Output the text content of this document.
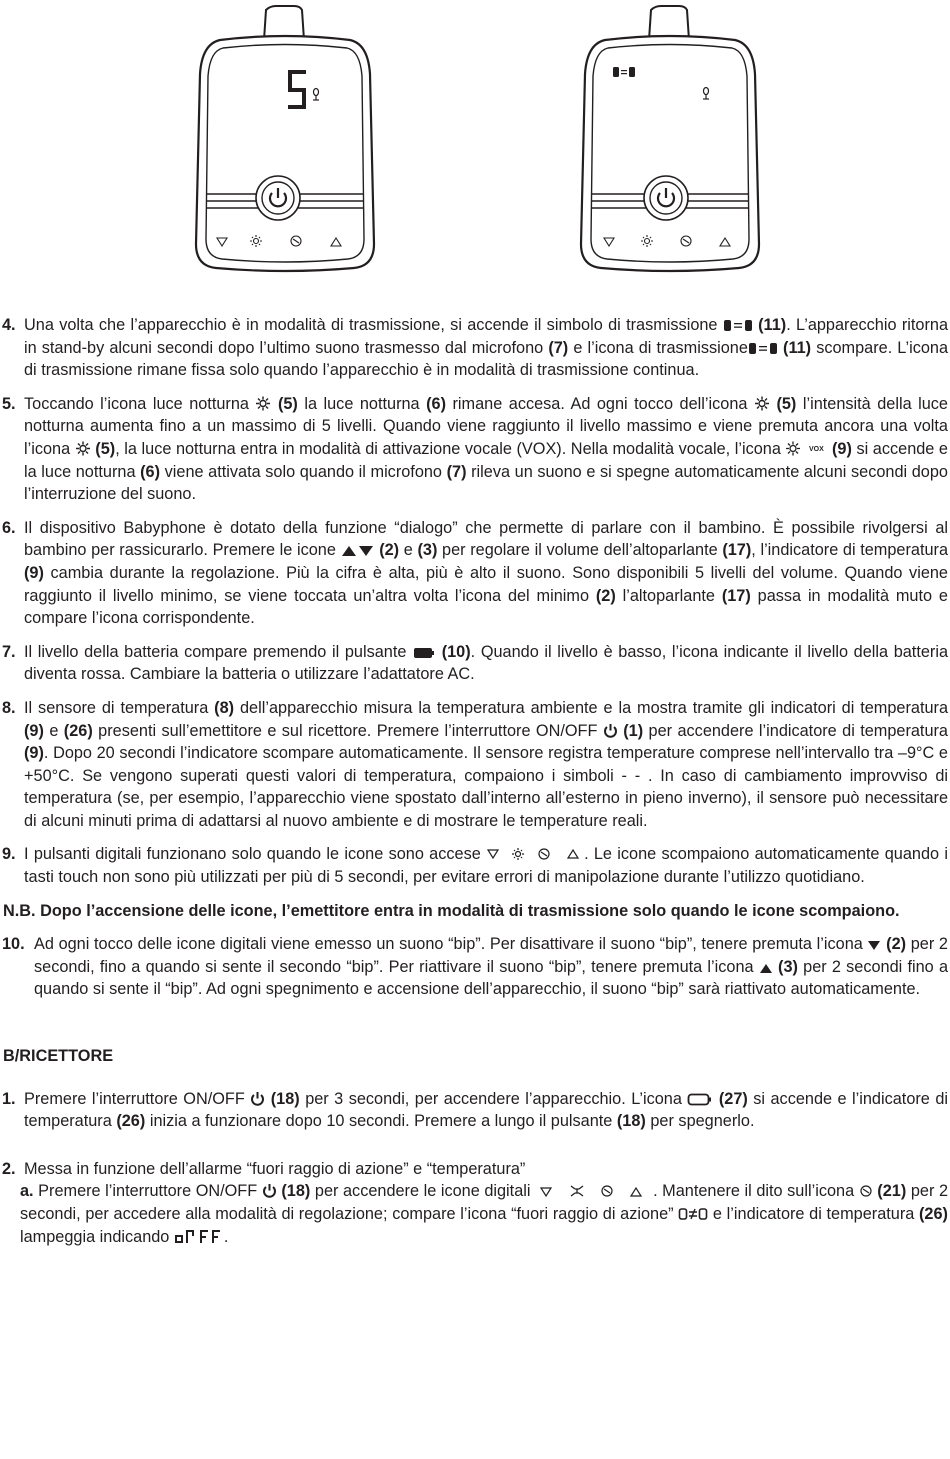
4. Una volta che l’apparecchio è in modalità di trasmissione, si accende il simbolo di trasmissione (11). L’apparecchio ritorna in stand-by alcuni secondi dopo l’ultimo suono trasmesso dal microfono (7) e l’icona di trasmissione (11) scompare. L’icona di trasmissione rimane fissa solo quando l’apparecchio è in modalità di trasmissione continua.
5. Toccando l’icona luce notturna (5) la luce notturna (6) rimane accesa. Ad ogni tocco dell’icona (5) l’intensità della luce notturna aumenta fino a un massimo di 5 livelli. Quando viene raggiunto il livello massimo e viene premuta ancora una volta l’icona (5), la luce notturna entra in modalità di attivazione vocale (VOX). Nella modalità vocale, l’icona	VOX (9) si accende e la luce notturna (6) viene attivata solo quando il microfono (7) rileva un suono e si spegne automaticamente alcuni secondi dopo l’interruzione del suono.
6. Il dispositivo Babyphone è dotato della funzione “dialogo” che permette di parlare con il bambino. È possibile rivolgersi al bambino per rassicurarlo. Premere le icone	(2) e (3) per regolare il volume dell’altoparlante (17), l’indicatore di temperatura (9) cambia durante la regolazione. Più la cifra è alta, più è alto il suono. Sono disponibili 5 livelli del volume. Quando viene raggiunto il livello minimo, se viene toccata un’altra volta l’icona del minimo (2) l’altoparlante (17) passa in modalità muto e compare l’icona corrispondente.
7. Il livello della batteria compare premendo il pulsante (10). Quando il livello è basso, l’icona indicante il livello della batteria diventa rossa. Cambiare la batteria o utilizzare l’adattatore AC.
8. Il sensore di temperatura (8) dell’apparecchio misura la temperatura ambiente e la mostra tramite gli indicatori di temperatura (9) e (26) presenti sull’emettitore e sul ricettore. Premere l’interruttore ON/OFF (1) per accendere l’indicatore di temperatura (9). Dopo 20 secondi l’indicatore scompare automaticamente. Il sensore registra temperature comprese nell’intervallo tra –9°C e +50°C. Se vengono superati questi valori di temperatura, compaiono i simboli - - . In caso di cambiamento improvviso di temperatura (se, per esempio, l’apparecchio viene spostato dall’interno all’esterno in pieno inverno), il sensore può necessitare di alcuni minuti prima di adattarsi al nuovo ambiente e di mostrare le temperature reali.
9. I pulsanti digitali funzionano solo quando le icone sono accese	. Le icone scompaiono automaticamente quando i tasti touch non sono più utilizzati per più di 5 secondi, per evitare errori di manipolazione durante l’utilizzo quotidiano.
N.B. Dopo l’accensione delle icone, l’emettitore entra in modalità di trasmissione solo quando le icone scompaiono.
10. Ad ogni tocco delle icone digitali viene emesso un suono “bip”. Per disattivare il suono “bip”, tenere premuta l’icona (2) per 2 secondi, fino a quando si sente il secondo “bip”. Per riattivare il suono “bip”, tenere premuta l’icona (3) per 2 secondi fino a quando si sente il “bip”. Ad ogni spegnimento e accensione dell’apparecchio, il suono “bip” sarà riattivato automaticamente.
B/RICETTORE
1. Premere l’interruttore ON/OFF (18) per 3 secondi, per accendere l’apparecchio. L’icona (27) si accende e l’indicatore di temperatura (26) inizia a funzionare dopo 10 secondi. Premere a lungo il pulsante (18) per spegnerlo.
2. Messa in funzione dell’allarme “fuori raggio di azione” e “temperatura”
a. Premere l’interruttore ON/OFF (18) per accendere le icone digitali	. Mantenere il dito sull’icona (21) per 2 secondi, per accedere alla modalità di regolazione; compare l’icona “fuori raggio di azione” e l’indicatore di temperatura (26) lampeggia indicando	.
